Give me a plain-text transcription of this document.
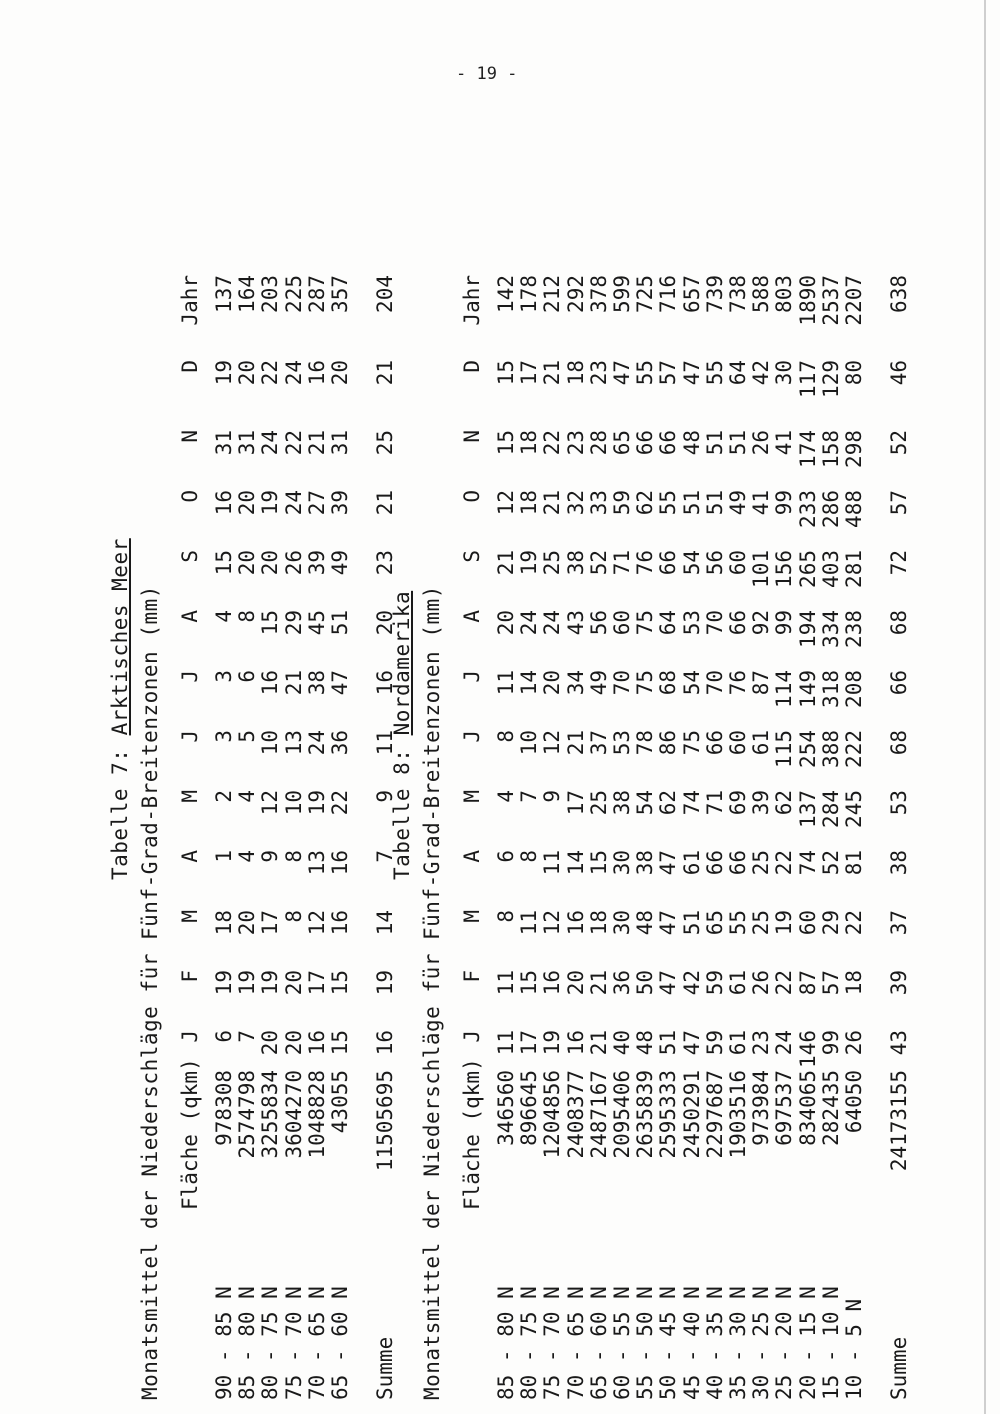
- 19 -
Tabelle 7: Arktisches Meer
Monatsmittel der Niederschläge für Fünf-Grad-Breitenzonen (mm)
Fläche (qkm)
J
F
M
A
M
J
J
A
S
O
N
D
Jahr
90 - 85 N
978308
6
19
18
1
2
3
3
4
15
16
31
19
137
85 - 80 N
2574798
7
19
20
4
4
5
6
8
20
20
31
20
164
80 - 75 N
3255834
20
19
17
9
12
10
16
15
20
19
24
22
203
75 - 70 N
3604270
20
20
8
8
10
13
21
29
26
24
22
24
225
70 - 65 N
1048828
16
17
12
13
19
24
38
45
39
27
21
16
287
65 - 60 N
43055
15
15
16
16
22
36
47
51
49
39
31
20
357
Summe
11505695
16
19
14
7
9
11
16
20
23
21
25
21
204
Tabelle 8: Nordamerika
Monatsmittel der Niederschläge für Fünf-Grad-Breitenzonen (mm)
Fläche (qkm)
J
F
M
A
M
J
J
A
S
O
N
D
Jahr
85 - 80 N
346560
11
11
8
6
4
8
11
20
21
12
15
15
142
80 - 75 N
896645
17
15
11
8
7
10
14
24
19
18
18
17
178
75 - 70 N
1204856
19
16
12
11
9
12
20
24
25
21
22
21
212
70 - 65 N
2408377
16
20
16
14
17
21
34
43
38
32
23
18
292
65 - 60 N
2487167
21
21
18
15
25
37
49
56
52
33
28
23
378
60 - 55 N
2095406
40
36
30
30
38
53
70
60
71
59
65
47
599
55 - 50 N
2635839
48
50
48
38
54
78
75
75
76
62
66
55
725
50 - 45 N
2595333
51
47
47
47
62
86
68
64
66
55
66
57
716
45 - 40 N
2450291
47
42
51
61
74
75
54
53
54
51
48
47
657
40 - 35 N
2297687
59
59
65
66
71
66
70
70
56
51
51
55
739
35 - 30 N
1903516
61
61
55
66
69
60
76
66
60
49
51
64
738
30 - 25 N
973984
23
26
25
25
39
61
87
92
101
41
26
42
588
25 - 20 N
697537
24
22
19
22
62
115
114
99
156
99
41
30
803
20 - 15 N
834065
146
87
60
74
137
254
149
194
265
233
174
117
1890
15 - 10 N
282435
99
57
29
52
284
388
318
334
403
286
158
129
2537
10 - 5 N
64050
26
18
22
81
245
222
208
238
281
488
298
80
2207
Summe
24173155
43
39
37
38
53
68
66
68
72
57
52
46
638
